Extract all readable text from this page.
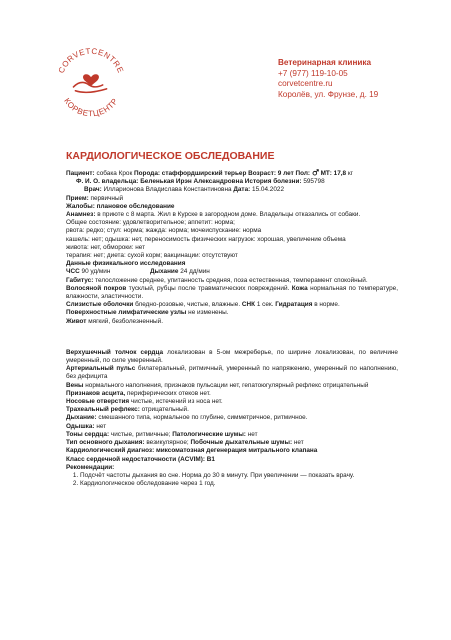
CORVETCENTRE
КОРВЕТЦЕНТР
Ветеринарная клиника
+7 (977) 119-10-05
corvetcentre.ru
Королёв, ул. Фрунзе, д. 19
КАРДИОЛОГИЧЕСКОЕ ОБСЛЕДОВАНИЕ

Пациент: собака Крок Порода: стаффордширский терьер Возраст: 9 лет Пол: МТ: 17,8 кг

Ф. И. О. владельца: Беленькая Ирэн Александровна История болезни: 595798

Врач: Илларионова Владислава Константиновна Дата: 15.04.2022

Прием: первичный

Жалобы: плановое обследование

Анамнез: в приюте с 8 марта. Жил в Курске в загородном доме. Владельцы отказались от собаки.

Общее состояние: удовлетворительное; аппетит: норма;

рвота: редко; стул: норма; жажда: норма; мочеиспускание: норма

кашель: нет; одышка: нет, переносимость физических нагрузок: хорошая, увеличение объема

живота: нет, обмороки: нет

терапия: нет; диета: сухой корм; вакцинации: отсутствуют

Данные физикального исследования

ЧСС 90 уд/мин	Дыхание 24 дд/мин

Габитус: телосложение среднее, упитанность средняя, поза естественная, темперамент спокойный.

Волосяной покров тусклый, рубцы после травматических повреждений. Кожа нормальная по температуре, влажности, эластичности.

Слизистые оболочки бледно-розовые, чистые, влажные. СНК 1 сек. Гидратация в норме.

Поверхностные лимфатические узлы не изменены.

Живот мягкий, безболезненный.

Верхушечный толчок сердца локализован в 5-ом межреберье, по ширине локализован, по величине умеренный, по силе умеренный.

Артериальный пульс билатеральный, ритмичный, умеренный по напряжению, умеренный по наполнению, без дефицита

Вены нормального наполнения, признаков пульсации нет, гепатоюгулярный рефлекс отрицательный

Признаков асцита, периферических отеков нет.

Носовые отверстия чистые, истечений из носа нет.

Трахеальный рефлекс: отрицательный.

Дыхание: смешанного типа, нормальное по глубине, симметричное, ритмичное.

Одышка: нет

Тоны сердца: чистые, ритмичные; Патологические шумы: нет

Тип основного дыхания: везикулярное; Побочные дыхательные шумы: нет

Кардиологический диагноз: миксоматозная дегенерация митрального клапана

Класс сердечной недостаточности (ACVIM): B1

Рекомендации:

1. Подсчёт частоты дыхания во сне. Норма до 30 в минуту. При увеличении — показать врачу.
2. Кардиологическое обследование через 1 год.
